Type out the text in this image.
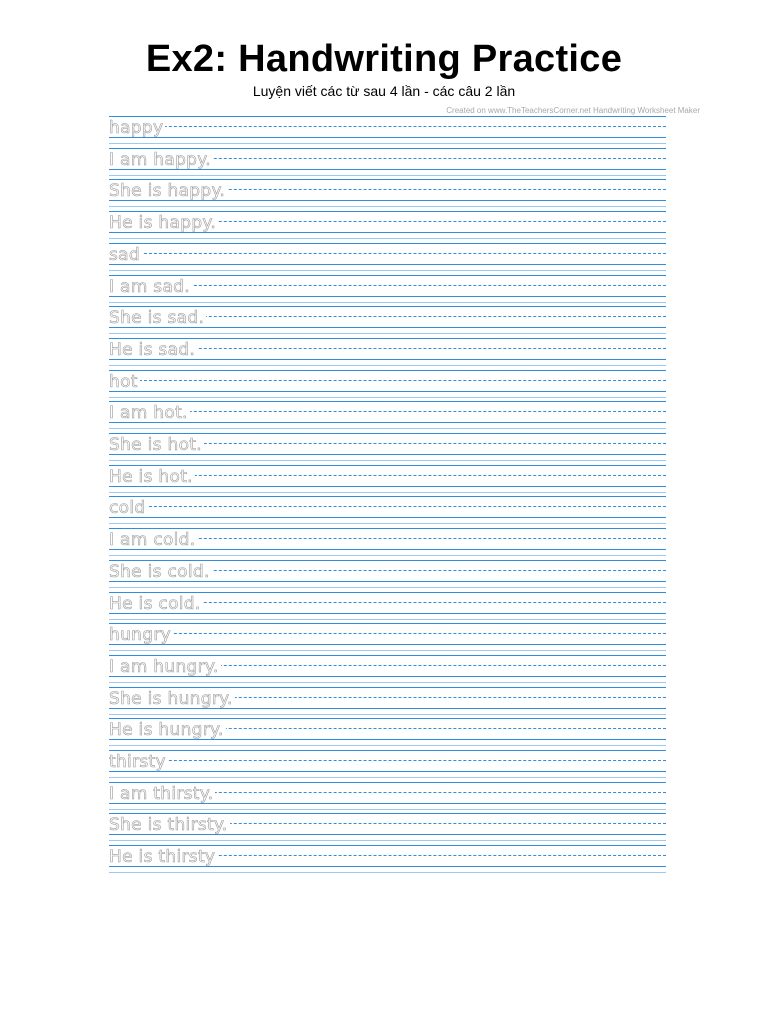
Ex2: Handwriting Practice
Luyện viết các từ sau 4 lần - các câu 2 lần
Created on www.TheTeachersCorner.net Handwriting Worksheet Maker
happy
I am happy.
She is happy.
He is happy.
sad
I am sad.
She is sad.
He is sad.
hot
I am hot.
She is hot.
He is hot.
cold
I am cold.
She is cold.
He is cold.
hungry
I am hungry.
She is hungry.
He is hungry.
thirsty
I am thirsty.
She is thirsty.
He is thirsty
